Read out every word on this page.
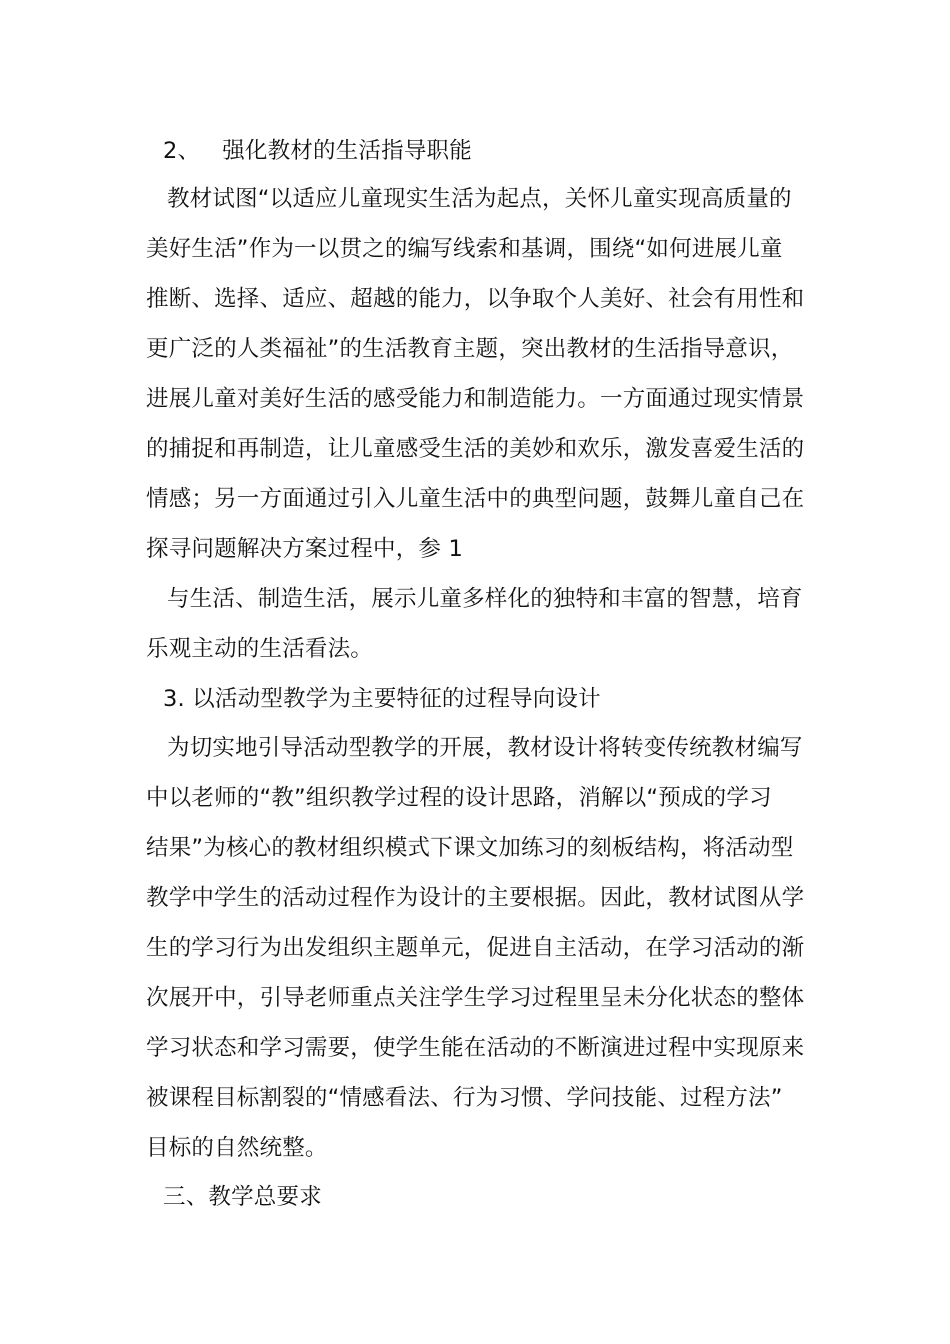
2、 强化教材的生活指导职能
教材试图“以适应儿童现实生活为起点，关怀儿童实现高质量的
美好生活”作为一以贯之的编写线索和基调，围绕“如何进展儿童
推断、选择、适应、超越的能力，以争取个人美好、社会有用性和
更广泛的人类福祉”的生活教育主题，突出教材的生活指导意识，
进展儿童对美好生活的感受能力和制造能力。一方面通过现实情景
的捕捉和再制造，让儿童感受生活的美妙和欢乐，激发喜爱生活的
情感；另一方面通过引入儿童生活中的典型问题，鼓舞儿童自己在
探寻问题解决方案过程中，参 1
与生活、制造生活，展示儿童多样化的独特和丰富的智慧，培育
乐观主动的生活看法。
3. 以活动型教学为主要特征的过程导向设计
为切实地引导活动型教学的开展，教材设计将转变传统教材编写
中以老师的“教”组织教学过程的设计思路，消解以“预成的学习
结果”为核心的教材组织模式下课文加练习的刻板结构，将活动型
教学中学生的活动过程作为设计的主要根据。因此，教材试图从学
生的学习行为出发组织主题单元，促进自主活动，在学习活动的渐
次展开中，引导老师重点关注学生学习过程里呈未分化状态的整体
学习状态和学习需要，使学生能在活动的不断演进过程中实现原来
被课程目标割裂的“情感看法、行为习惯、学问技能、过程方法”
目标的自然统整。
三、教学总要求
